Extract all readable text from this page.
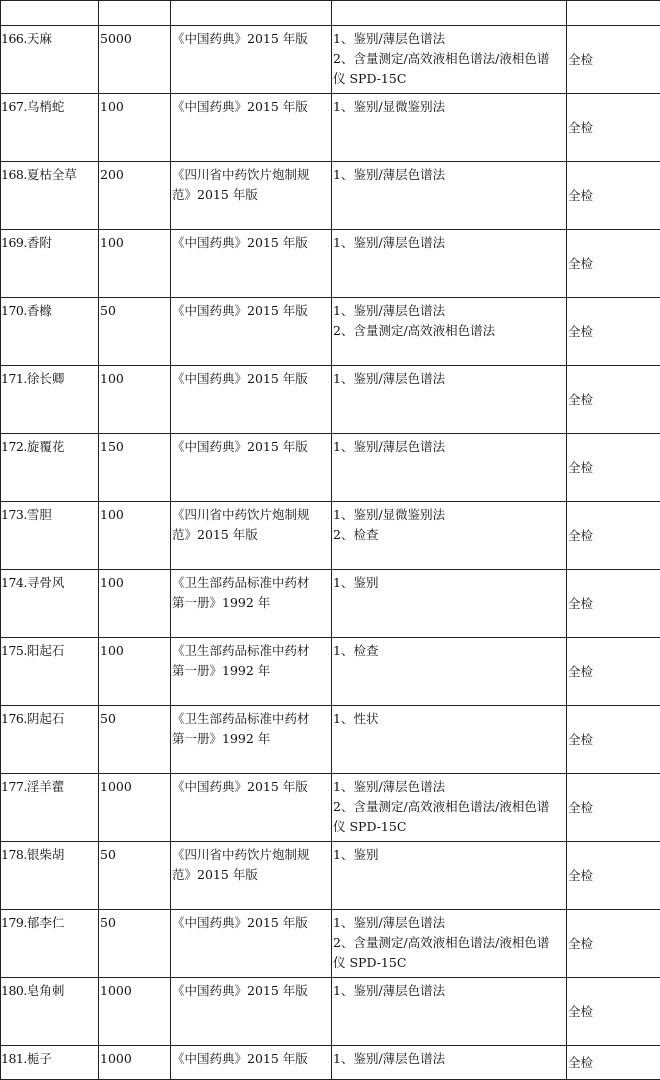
166.天麻	5000	《中国药典》2015 年版	1、鉴别/薄层色谱法
2、含量测定/高效液相色谱法/液相色谱
仪 SPD-15C	全检
167.乌梢蛇	100	《中国药典》2015 年版	1、鉴别/显微鉴别法	全检
168.夏枯全草	200	《四川省中药饮片炮制规
范》2015 年版	1、鉴别/薄层色谱法	全检
169.香附	100	《中国药典》2015 年版	1、鉴别/薄层色谱法	全检
170.香橼	50	《中国药典》2015 年版	1、鉴别/薄层色谱法
2、含量测定/高效液相色谱法	全检
171.徐长卿	100	《中国药典》2015 年版	1、鉴别/薄层色谱法	全检
172.旋覆花	150	《中国药典》2015 年版	1、鉴别/薄层色谱法	全检
173.雪胆	100	《四川省中药饮片炮制规
范》2015 年版	1、鉴别/显微鉴别法
2、检查	全检
174.寻骨风	100	《卫生部药品标准中药材
第一册》1992 年	1、鉴别	全检
175.阳起石	100	《卫生部药品标准中药材
第一册》1992 年	1、检查	全检
176.阴起石	50	《卫生部药品标准中药材
第一册》1992 年	1、性状	全检
177.淫羊藿	1000	《中国药典》2015 年版	1、鉴别/薄层色谱法
2、含量测定/高效液相色谱法/液相色谱
仪 SPD-15C	全检
178.银柴胡	50	《四川省中药饮片炮制规
范》2015 年版	1、鉴别	全检
179.郁李仁	50	《中国药典》2015 年版	1、鉴别/薄层色谱法
2、含量测定/高效液相色谱法/液相色谱
仪 SPD-15C	全检
180.皂角刺	1000	《中国药典》2015 年版	1、鉴别/薄层色谱法	全检
181.栀子	1000	《中国药典》2015 年版	1、鉴别/薄层色谱法	全检
